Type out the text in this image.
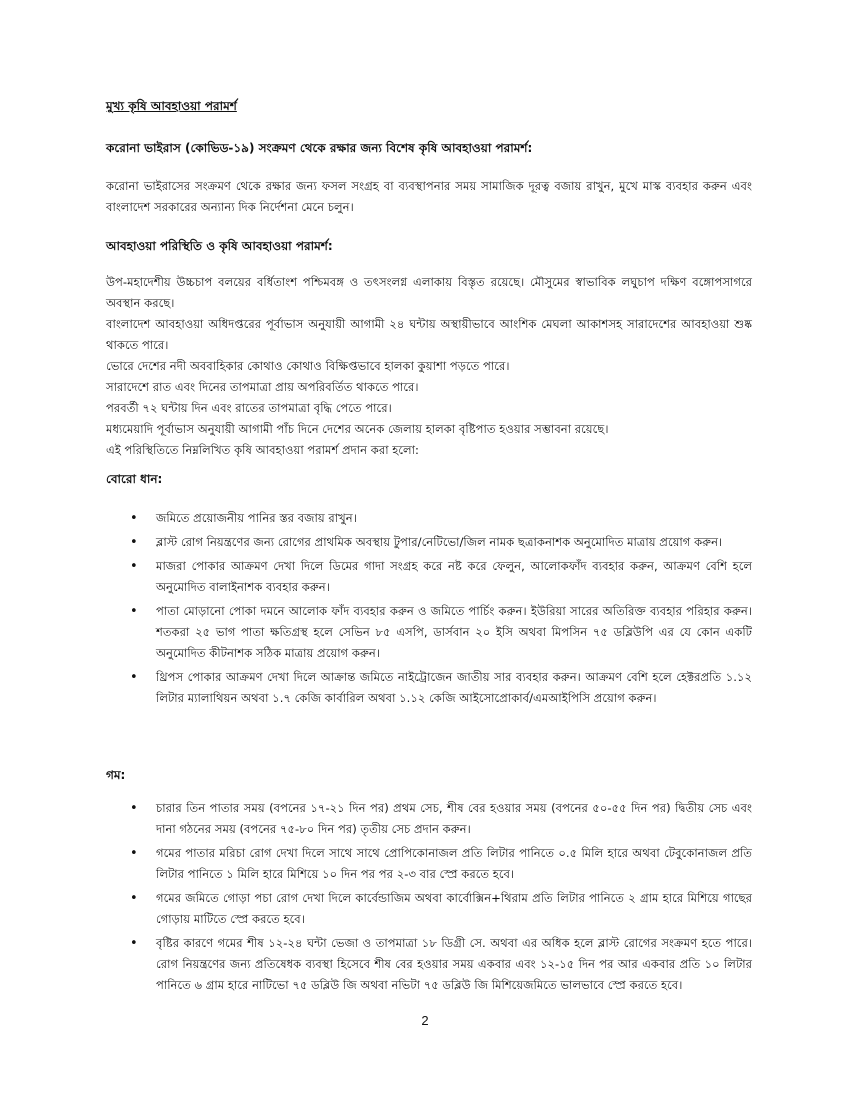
মুখ্য কৃষি আবহাওয়া পরামর্শ

করোনা ভাইরাস (কোভিড-১৯) সংক্রমণ থেকে রক্ষার জন্য বিশেষ কৃষি আবহাওয়া পরামর্শ:

করোনা ভাইরাসের সংক্রমণ থেকে রক্ষার জন্য ফসল সংগ্রহ বা ব্যবস্থাপনার সময় সামাজিক দূরত্ব বজায় রাখুন, মুখে মাস্ক ব্যবহার করুন এবং বাংলাদেশ সরকারের অন্যান্য দিক নির্দেশনা মেনে চলুন।

আবহাওয়া পরিস্থিতি ও কৃষি আবহাওয়া পরামর্শ:

উপ-মহাদেশীয় উচ্চচাপ বলয়ের বর্ধিতাংশ পশ্চিমবঙ্গ ও তৎসংলগ্ন এলাকায় বিস্তৃত রয়েছে। মৌসুমের স্বাভাবিক লঘুচাপ দক্ষিণ বঙ্গোপসাগরে অবস্থান করছে।

বাংলাদেশ আবহাওয়া অধিদপ্তরের পূর্বাভাস অনুযায়ী আগামী ২৪ ঘন্টায় অস্থায়ীভাবে আংশিক মেঘলা আকাশসহ সারাদেশের আবহাওয়া শুষ্ক থাকতে পারে।

ভোরে দেশের নদী অববাহিকার কোথাও কোথাও বিক্ষিপ্তভাবে হালকা কুয়াশা পড়তে পারে।

সারাদেশে রাত এবং দিনের তাপমাত্রা প্রায় অপরিবর্তিত থাকতে পারে।

পরবর্তী ৭২ ঘন্টায় দিন এবং রাতের তাপমাত্রা বৃদ্ধি পেতে পারে।

মধ্যমেয়াদি পূর্বাভাস অনুযায়ী আগামী পাঁচ দিনে দেশের অনেক জেলায় হালকা বৃষ্টিপাত হওয়ার সম্ভাবনা রয়েছে।

এই পরিস্থিতিতে নিম্নলিখিত কৃষি আবহাওয়া পরামর্শ প্রদান করা হলো:

বোরো ধান:

• জমিতে প্রয়োজনীয় পানির স্তর বজায় রাখুন।
• ব্লাস্ট রোগ নিয়ন্ত্রণের জন্য রোগের প্রাথমিক অবস্থায় টুপার/নেটিভো/জিল নামক ছত্রাকনাশক অনুমোদিত মাত্রায় প্রয়োগ করুন।
• মাজরা পোকার আক্রমণ দেখা দিলে ডিমের গাদা সংগ্রহ করে নষ্ট করে ফেলুন, আলোকফাঁদ ব্যবহার করুন, আক্রমণ বেশি হলে অনুমোদিত বালাইনাশক ব্যবহার করুন।
• পাতা মোড়ানো পোকা দমনে আলোক ফাঁদ ব্যবহার করুন ও জমিতে পার্চিং করুন। ইউরিয়া সারের অতিরিক্ত ব্যবহার পরিহার করুন। শতকরা ২৫ ভাগ পাতা ক্ষতিগ্রস্থ হলে সেভিন ৮৫ এসপি, ডার্সবান ২০ ইসি অথবা মিপসিন ৭৫ ডব্লিউপি এর যে কোন একটি অনুমোদিত কীটনাশক সঠিক মাত্রায় প্রয়োগ করুন।
• থ্রিপস পোকার আক্রমণ দেখা দিলে আক্রান্ত জমিতে নাইট্রোজেন জাতীয় সার ব্যবহার করুন। আক্রমণ বেশি হলে হেক্টরপ্রতি ১.১২ লিটার ম্যালাথিয়ন অথবা ১.৭ কেজি কার্বারিল অথবা ১.১২ কেজি আইসোপ্রোকার্ব/এমআইপিসি প্রয়োগ করুন।

গম:

• চারার তিন পাতার সময় (বপনের ১৭-২১ দিন পর) প্রথম সেচ, শীষ বের হওয়ার সময় (বপনের ৫০-৫৫ দিন পর) দ্বিতীয় সেচ এবং দানা গঠনের সময় (বপনের ৭৫-৮০ দিন পর) তৃতীয় সেচ প্রদান করুন।
• গমের পাতার মরিচা রোগ দেখা দিলে সাথে সাথে প্রোপিকোনাজল প্রতি লিটার পানিতে ০.৫ মিলি হারে অথবা টেবুকোনাজল প্রতি লিটার পানিতে ১ মিলি হারে মিশিয়ে ১০ দিন পর পর ২-৩ বার স্প্রে করতে হবে।
• গমের জমিতে গোড়া পচা রোগ দেখা দিলে কার্বেন্ডাজিম অথবা কার্বোক্সিন+থিরাম প্রতি লিটার পানিতে ২ গ্রাম হারে মিশিয়ে গাছের গোড়ায় মাটিতে স্প্রে করতে হবে।
• বৃষ্টির কারণে গমের শীষ ১২-২৪ ঘন্টা ভেজা ও তাপমাত্রা ১৮ ডিগ্রী সে. অথবা এর অধিক হলে ব্লাস্ট রোগের সংক্রমণ হতে পারে। রোগ নিয়ন্ত্রণের জন্য প্রতিষেধক ব্যবস্থা হিসেবে শীষ বের হওয়ার সময় একবার এবং ১২-১৫ দিন পর আর একবার প্রতি ১০ লিটার পানিতে ৬ গ্রাম হারে নাটিভো ৭৫ ডব্লিউ জি অথবা নভিটা ৭৫ ডব্লিউ জি মিশিয়েজমিতে ভালভাবে স্প্রে করতে হবে।
2
